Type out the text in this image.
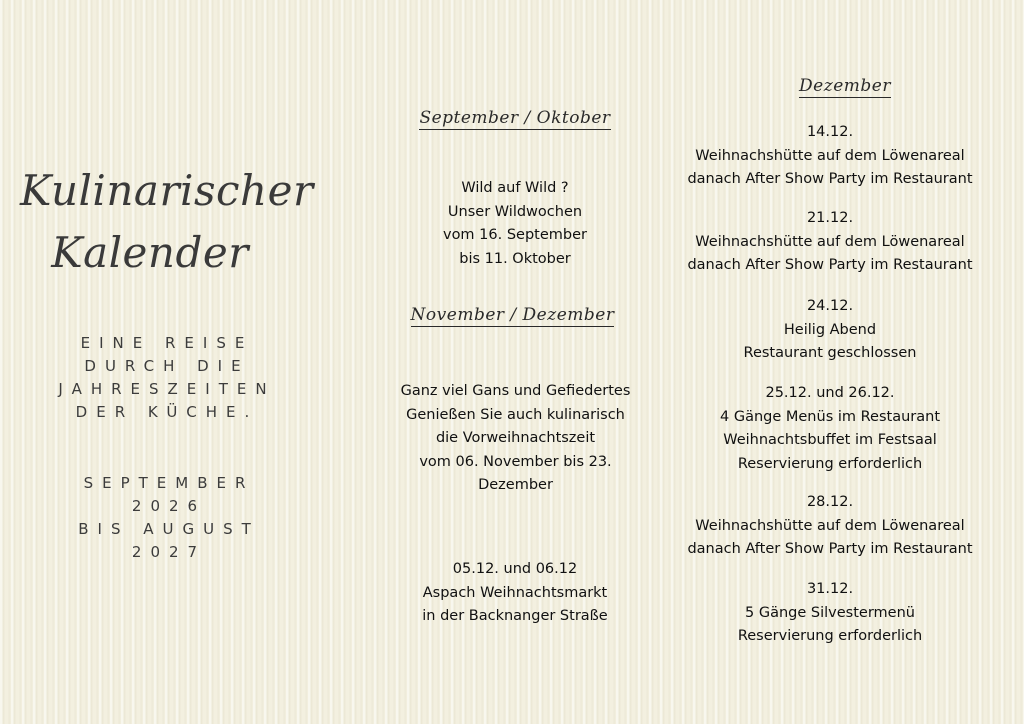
Kulinarischer
Kalender
EINE REISE
DURCH DIE
JAHRESZEITEN
DER KÜCHE.
SEPTEMBER
2026
BIS AUGUST
2027
September / Oktober
Wild auf Wild ?
Unser Wildwochen
vom 16. September
bis 11. Oktober
November / Dezember
Ganz viel Gans und Gefiedertes
Genießen Sie auch kulinarisch
die Vorweihnachtszeit
vom 06. November bis 23.
Dezember
05.12. und 06.12
Aspach Weihnachtsmarkt
in der Backnanger Straße
Dezember
14.12.
Weihnachshütte auf dem Löwenareal
danach After Show Party im Restaurant
21.12.
Weihnachshütte auf dem Löwenareal
danach After Show Party im Restaurant
24.12.
Heilig Abend
Restaurant geschlossen
25.12. und 26.12.
4 Gänge Menüs im Restaurant
Weihnachtsbuffet im Festsaal
Reservierung erforderlich
28.12.
Weihnachshütte auf dem Löwenareal
danach After Show Party im Restaurant
31.12.
5 Gänge Silvestermenü
Reservierung erforderlich
